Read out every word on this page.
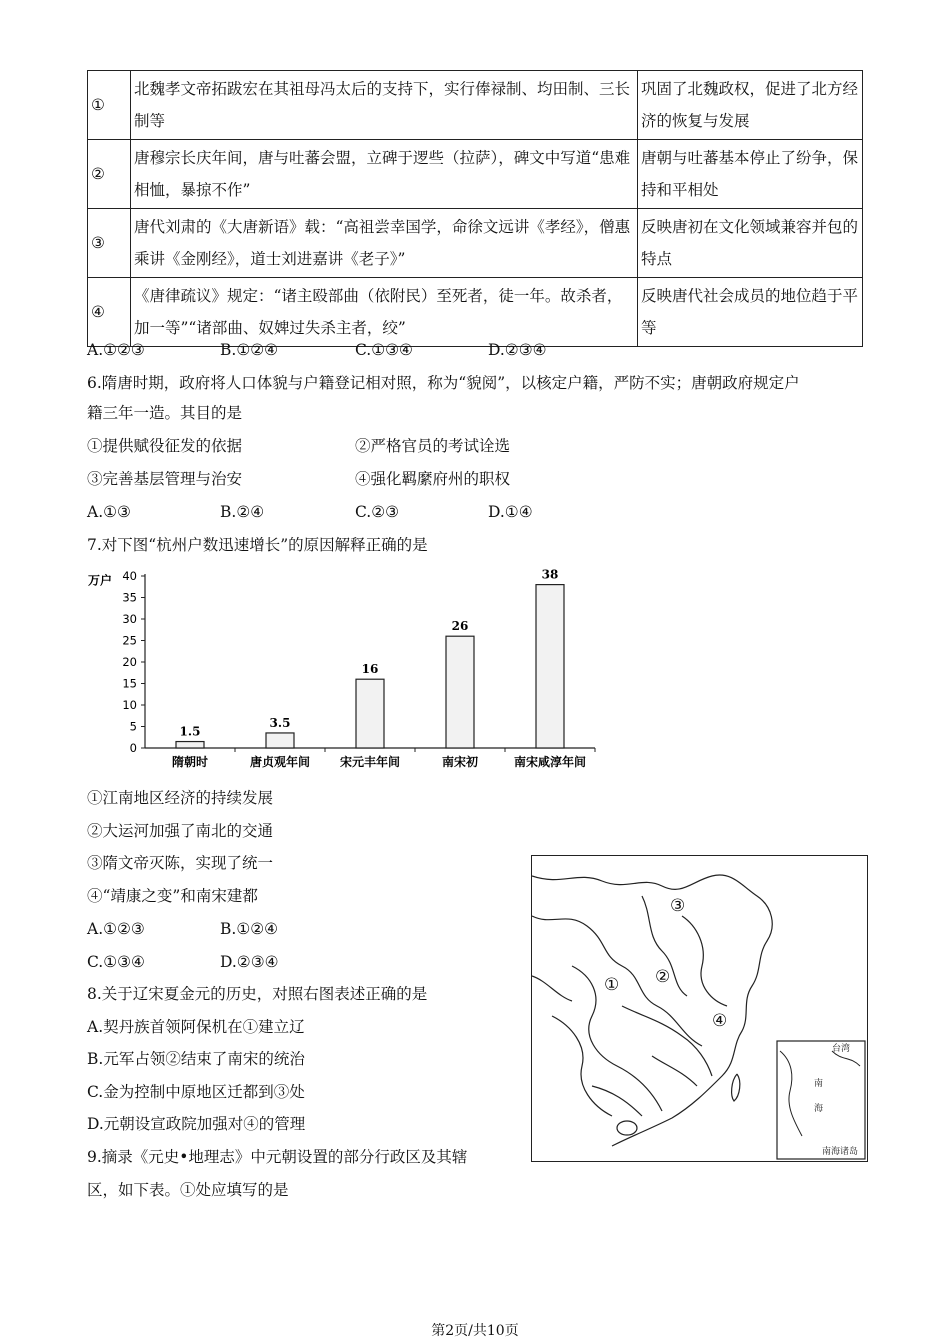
①	北魏孝文帝拓跋宏在其祖母冯太后的支持下，实行俸禄制、均田制、三长制等	巩固了北魏政权，促进了北方经济的恢复与发展
②	唐穆宗长庆年间，唐与吐蕃会盟，立碑于逻些（拉萨），碑文中写道“患难相恤，暴掠不作”	唐朝与吐蕃基本停止了纷争，保持和平相处
③	唐代刘肃的《大唐新语》载：“高祖尝幸国学，命徐文远讲《孝经》，僧惠乘讲《金刚经》，道士刘进嘉讲《老子》”	反映唐初在文化领域兼容并包的特点
④	《唐律疏议》规定：“诸主殴部曲（依附民）至死者，徒一年。故杀者，加一等”“诸部曲、奴婢过失杀主者，绞”	反映唐代社会成员的地位趋于平等
A.①②③	B.①②④	C.①③④	D.②③④
6.隋唐时期，政府将人口体貌与户籍登记相对照，称为“貌阅”，以核定户籍，严防不实；唐朝政府规定户
籍三年一造。其目的是
①提供赋役征发的依据	②严格官员的考试诠选
③完善基层管理与治安	④强化羁縻府州的职权
A.①③	B.②④	C.②③	D.①④
7.对下图“杭州户数迅速增长”的原因解释正确的是
万户
0
5
10
15
20
25
30
35
40
1.5
隋朝时
3.5
唐贞观年间
16
宋元丰年间
26
南宋初
38
南宋咸淳年间
①江南地区经济的持续发展
②大运河加强了南北的交通
③隋文帝灭陈，实现了统一
④“靖康之变”和南宋建都
A.①②③	B.①②④
C.①③④	D.②③④
8.关于辽宋夏金元的历史，对照右图表述正确的是
A.契丹族首领阿保机在①建立辽
B.元军占领②结束了南宋的统治
C.金为控制中原地区迁都到③处
D.元朝设宣政院加强对④的管理
9.摘录《元史•地理志》中元朝设置的部分行政区及其辖
区，如下表。①处应填写的是
台湾
南
海
南海诸岛
① ②
③
④
第2页/共10页
